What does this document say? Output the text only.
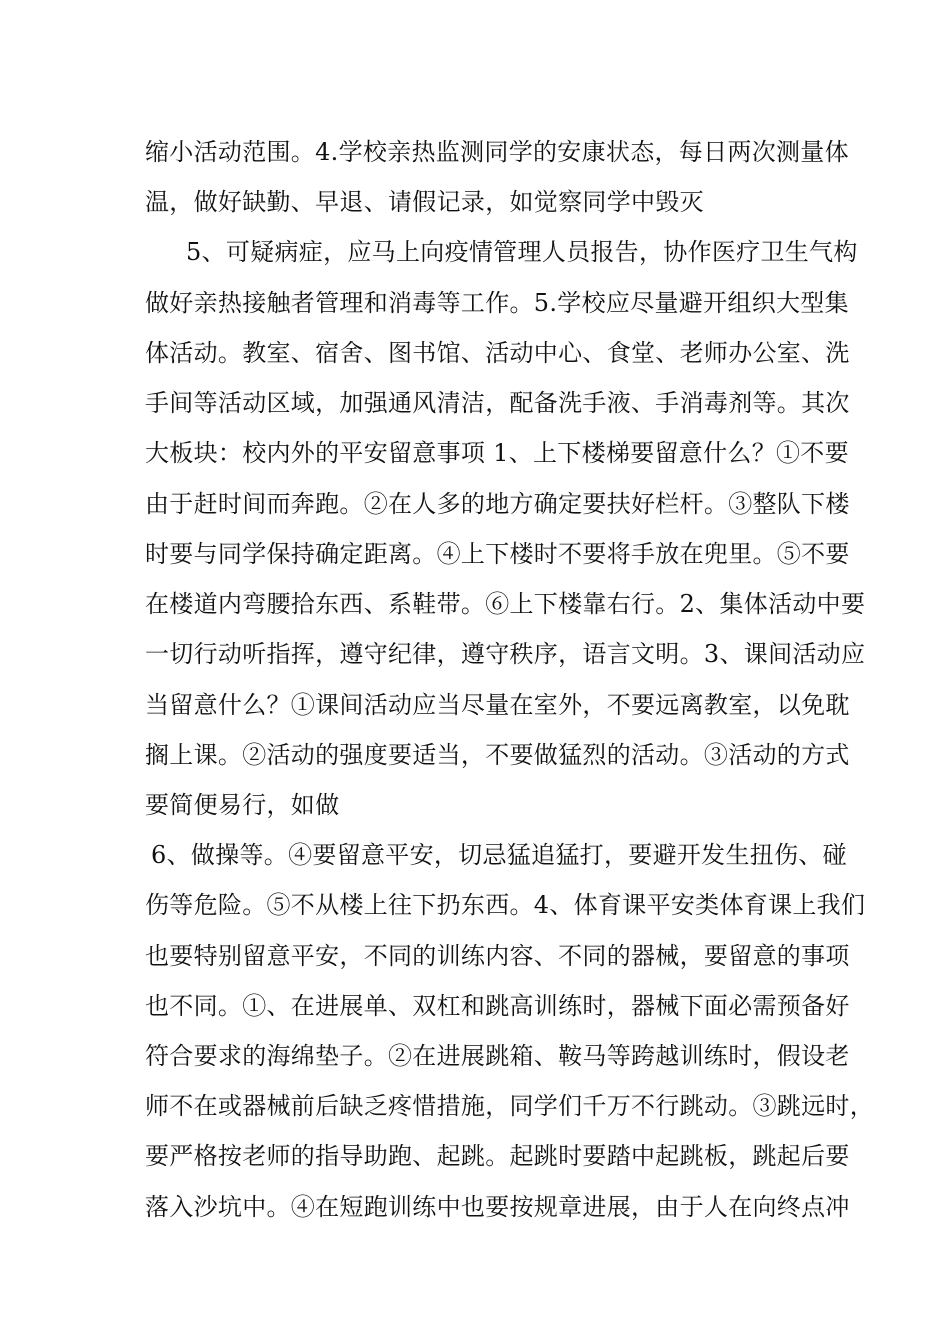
缩小活动范围。4.学校亲热监测同学的安康状态，每日两次测量体
温，做好缺勤、早退、请假记录，如觉察同学中毁灭
5、可疑病症，应马上向疫情管理人员报告，协作医疗卫生气构
做好亲热接触者管理和消毒等工作。5.学校应尽量避开组织大型集
体活动。教室、宿舍、图书馆、活动中心、食堂、老师办公室、洗
手间等活动区域，加强通风清洁，配备洗手液、手消毒剂等。其次
大板块：校内外的平安留意事项 1、上下楼梯要留意什么？①不要
由于赶时间而奔跑。②在人多的地方确定要扶好栏杆。③整队下楼
时要与同学保持确定距离。④上下楼时不要将手放在兜里。⑤不要
在楼道内弯腰拾东西、系鞋带。⑥上下楼靠右行。2、集体活动中要
一切行动听指挥，遵守纪律，遵守秩序，语言文明。3、课间活动应
当留意什么？①课间活动应当尽量在室外，不要远离教室，以免耽
搁上课。②活动的强度要适当，不要做猛烈的活动。③活动的方式
要简便易行，如做
6、做操等。④要留意平安，切忌猛追猛打，要避开发生扭伤、碰
伤等危险。⑤不从楼上往下扔东西。4、体育课平安类体育课上我们
也要特别留意平安，不同的训练内容、不同的器械，要留意的事项
也不同。①、在进展单、双杠和跳高训练时，器械下面必需预备好
符合要求的海绵垫子。②在进展跳箱、鞍马等跨越训练时，假设老
师不在或器械前后缺乏疼惜措施，同学们千万不行跳动。③跳远时，
要严格按老师的指导助跑、起跳。起跳时要踏中起跳板，跳起后要
落入沙坑中。④在短跑训练中也要按规章进展，由于人在向终点冲
